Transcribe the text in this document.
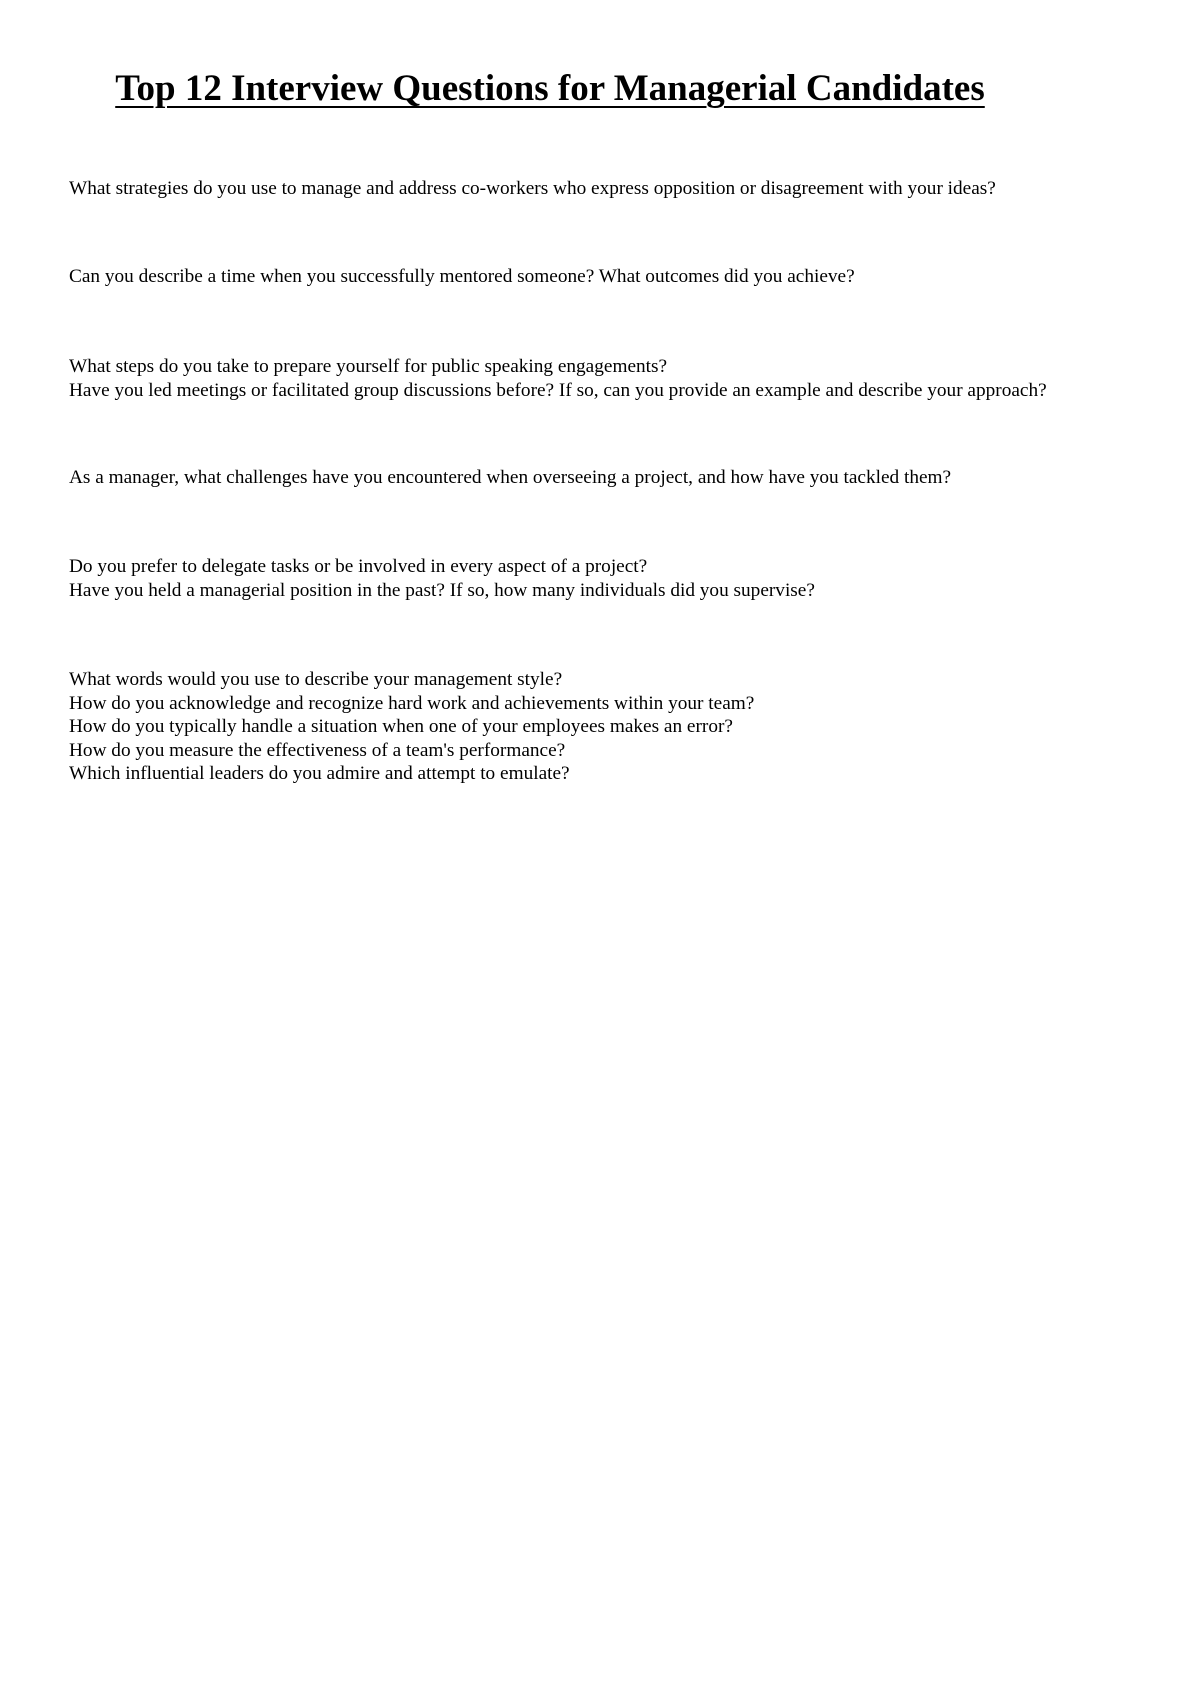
Top 12 Interview Questions for Managerial Candidates
What strategies do you use to manage and address co-workers who express opposition or disagreement with your ideas?
Can you describe a time when you successfully mentored someone? What outcomes did you achieve?
What steps do you take to prepare yourself for public speaking engagements?
Have you led meetings or facilitated group discussions before? If so, can you provide an example and describe your approach?
As a manager, what challenges have you encountered when overseeing a project, and how have you tackled them?
Do you prefer to delegate tasks or be involved in every aspect of a project?
Have you held a managerial position in the past? If so, how many individuals did you supervise?
What words would you use to describe your management style?
How do you acknowledge and recognize hard work and achievements within your team?
How do you typically handle a situation when one of your employees makes an error?
How do you measure the effectiveness of a team's performance?
Which influential leaders do you admire and attempt to emulate?
